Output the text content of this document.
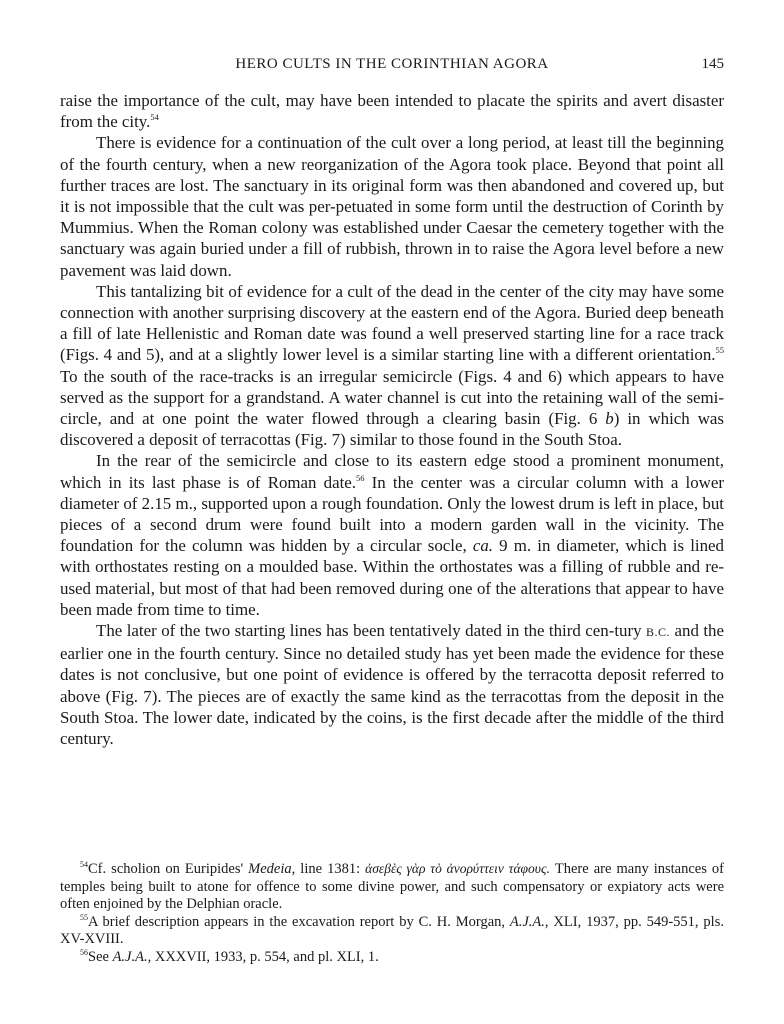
HERO CULTS IN THE CORINTHIAN AGORA	145

raise the importance of the cult, may have been intended to placate the spirits and avert disaster from the city.$^{54}$

There is evidence for a continuation of the cult over a long period, at least till the beginning of the fourth century, when a new reorganization of the Agora took place. Beyond that point all further traces are lost. The sanctuary in its original form was then abandoned and covered up, but it is not impossible that the cult was per-petuated in some form until the destruction of Corinth by Mummius. When the Roman colony was established under Caesar the cemetery together with the sanctuary was again buried under a fill of rubbish, thrown in to raise the Agora level before a new pavement was laid down.

This tantalizing bit of evidence for a cult of the dead in the center of the city may have some connection with another surprising discovery at the eastern end of the Agora. Buried deep beneath a fill of late Hellenistic and Roman date was found a well preserved starting line for a race track (Figs. 4 and 5), and at a slightly lower level is a similar starting line with a different orientation.$^{55}$ To the south of the race-tracks is an irregular semicircle (Figs. 4 and 6) which appears to have served as the support for a grandstand. A water channel is cut into the retaining wall of the semi-circle, and at one point the water flowed through a clearing basin (Fig. 6 b) in which was discovered a deposit of terracottas (Fig. 7) similar to those found in the South Stoa.

In the rear of the semicircle and close to its eastern edge stood a prominent monument, which in its last phase is of Roman date.$^{56}$ In the center was a circular column with a lower diameter of 2.15 m., supported upon a rough foundation. Only the lowest drum is left in place, but pieces of a second drum were found built into a modern garden wall in the vicinity. The foundation for the column was hidden by a circular socle, ca. 9 m. in diameter, which is lined with orthostates resting on a moulded base. Within the orthostates was a filling of rubble and re-used material, but most of that had been removed during one of the alterations that appear to have been made from time to time.

The later of the two starting lines has been tentatively dated in the third cen-tury B.C. and the earlier one in the fourth century. Since no detailed study has yet been made the evidence for these dates is not conclusive, but one point of evidence is offered by the terracotta deposit referred to above (Fig. 7). The pieces are of exactly the same kind as the terracottas from the deposit in the South Stoa. The lower date, indicated by the coins, is the first decade after the middle of the third century.

$^{54}$Cf. scholion on Euripides' Medeia, line 1381: ἀσεβὲς γὰρ τὸ ἀνορύττειν τάφους. There are many instances of temples being built to atone for offence to some divine power, and such compensatory or expiatory acts were often enjoined by the Delphian oracle.

$^{55}$A brief description appears in the excavation report by C. H. Morgan, A.J.A., XLI, 1937, pp. 549-551, pls. XV-XVIII.

$^{56}$See A.J.A., XXXVII, 1933, p. 554, and pl. XLI, 1.
